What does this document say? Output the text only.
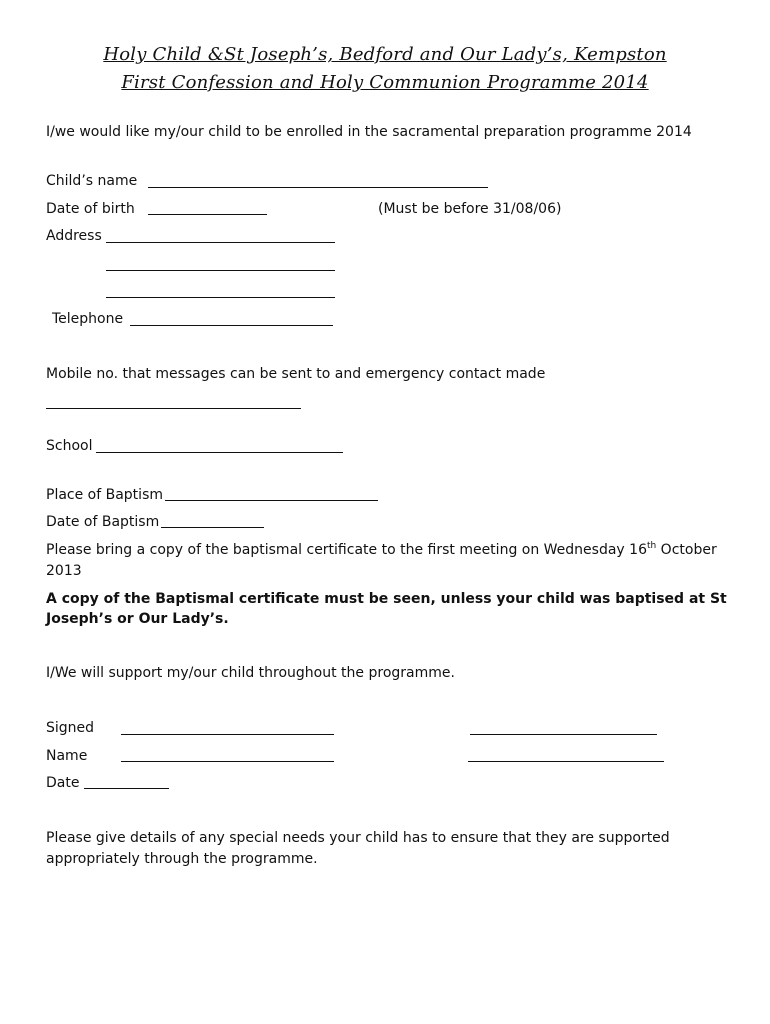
Holy Child &St Joseph’s, Bedford and Our Lady’s, Kempston
First Confession and Holy Communion Programme 2014
I/we would like my/our child to be enrolled in the sacramental preparation programme 2014
Child’s name
Date of birth	(Must be before 31/08/06)
Address
Telephone
Mobile no. that messages can be sent to and emergency contact made
School
Place of Baptism
Date of Baptism
Please bring a copy of the baptismal certificate to the first meeting on Wednesday 16th October
2013
A copy of the Baptismal certificate must be seen, unless your child was baptised at St
Joseph’s or Our Lady’s.
I/We will support my/our child throughout the programme.
Signed
Name
Date
Please give details of any special needs your child has to ensure that they are supported
appropriately through the programme.
